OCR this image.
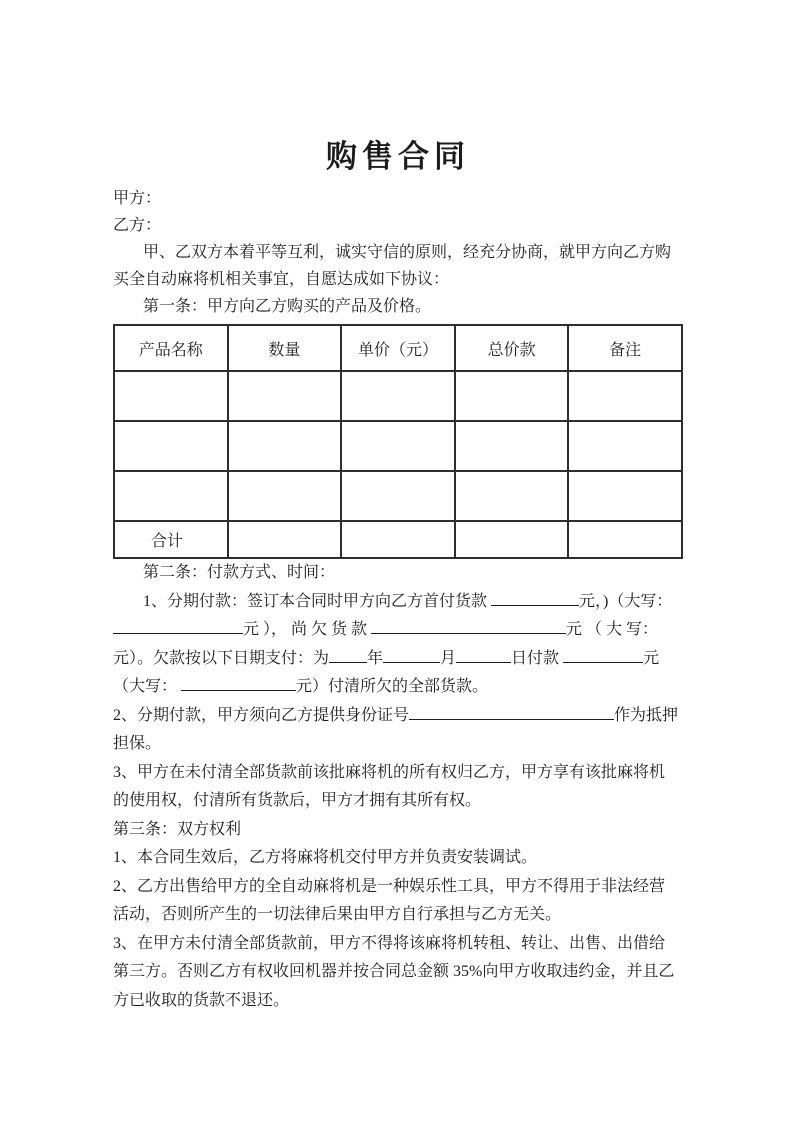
购售合同
甲方：
乙方：
甲、乙双方本着平等互利，诚实守信的原则，经充分协商，就甲方向乙方购
买全自动麻将机相关事宜，自愿达成如下协议：
第一条：甲方向乙方购买的产品及价格。
产品名称	数量	单价（元）	总价款	备注

合计				
第二条：付款方式、时间：
1、分期付款：签订本合同时甲方向乙方首付货款	元，)（大写：
元 ）， 尚 欠 货 款	元 （ 大 写：
元）。欠款按以下日期支付：为 年	月	日付款	元
（大写：	元）付清所欠的全部货款。
2、分期付款，甲方须向乙方提供身份证号	作为抵押
担保。
3、甲方在未付清全部货款前该批麻将机的所有权归乙方，甲方享有该批麻将机
的使用权，付清所有货款后，甲方才拥有其所有权。
第三条：双方权利
1、本合同生效后，乙方将麻将机交付甲方并负责安装调试。
2、乙方出售给甲方的全自动麻将机是一种娱乐性工具，甲方不得用于非法经营
活动，否则所产生的一切法律后果由甲方自行承担与乙方无关。
3、在甲方未付清全部货款前，甲方不得将该麻将机转租、转让、出售、出借给
第三方。否则乙方有权收回机器并按合同总金额 35%向甲方收取违约金，并且乙
方已收取的货款不退还。
